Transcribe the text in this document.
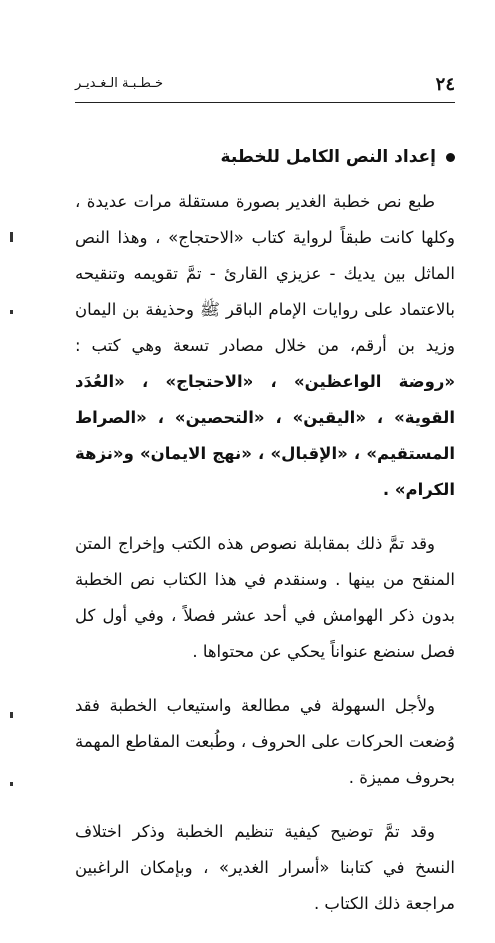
٢٤
خـطـبـة الـغـديـر
إعداد النص الكامل للخطبة

طبع نص خطبة الغدير بصورة مستقلة مرات عديدة ، وكلها كانت طبقاً لرواية كتاب «الاحتجاج» ، وهذا النص الماثل بين يديك - عزيزي القارئ - تمَّ تقويمه وتنقيحه بالاعتماد على روايات الإمام الباقر ﷺ وحذيفة بن اليمان وزيد بن أرقم، من خلال مصادر تسعة وهي كتب : «روضة الواعظين» ، «الاحتجاج» ، «العُدَد القوية» ، «اليقين» ، «التحصين» ، «الصراط المستقيم» ، «الإقبال» ، «نهج الايمان» و«نزهة الكرام» .

وقد تمَّ ذلك بمقابلة نصوص هذه الكتب وإخراج المتن المنقح من بينها . وسنقدم في هذا الكتاب نص الخطبة بدون ذكر الهوامش في أحد عشر فصلاً ، وفي أول كل فصل سنضع عنواناً يحكي عن محتواها .

ولأجل السهولة في مطالعة واستيعاب الخطبة فقد وُضعت الحركات على الحروف ، وطُبعت المقاطع المهمة بحروف مميزة .

وقد تمَّ توضيح كيفية تنظيم الخطبة وذكر اختلاف النسخ في كتابنا «أسرار الغدير» ، وبإمكان الراغبين مراجعة ذلك الكتاب .
